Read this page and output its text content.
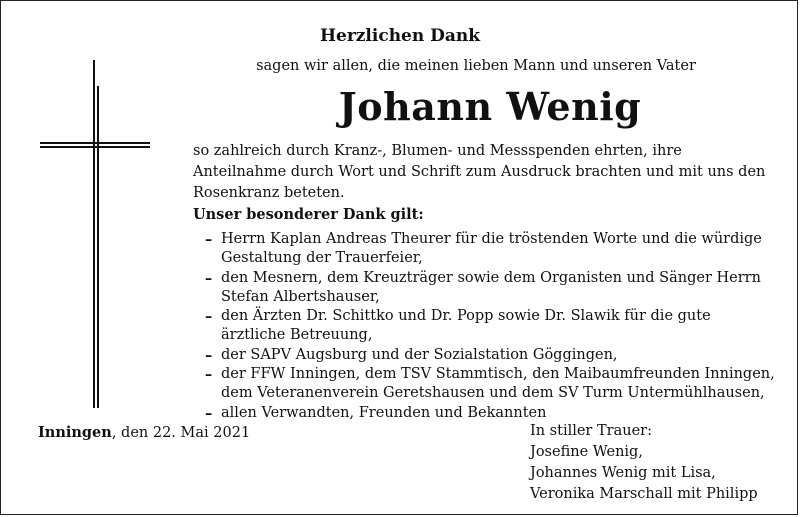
Herzlichen Dank
sagen wir allen, die meinen lieben Mann und unseren Vater
Johann Wenig
so zahlreich durch Kranz-, Blumen- und Messspenden ehrten, ihre
Anteilnahme durch Wort und Schrift zum Ausdruck brachten und mit uns den
Rosenkranz beteten.
Unser besonderer Dank gilt:
– Herrn Kaplan Andreas Theurer für die tröstenden Worte und die würdige
Gestaltung der Trauerfeier,
– den Mesnern, dem Kreuzträger sowie dem Organisten und Sänger Herrn
Stefan Albertshauser,
– den Ärzten Dr. Schittko und Dr. Popp sowie Dr. Slawik für die gute
ärztliche Betreuung,
– der SAPV Augsburg und der Sozialstation Göggingen,
– der FFW Inningen, dem TSV Stammtisch, den Maibaumfreunden Inningen,
dem Veteranenverein Geretshausen und dem SV Turm Untermühlhausen,
– allen Verwandten, Freunden und Bekannten
Inningen, den 22. Mai 2021	In stiller Trauer:
Josefine Wenig,
Johannes Wenig mit Lisa,
Veronika Marschall mit Philipp
